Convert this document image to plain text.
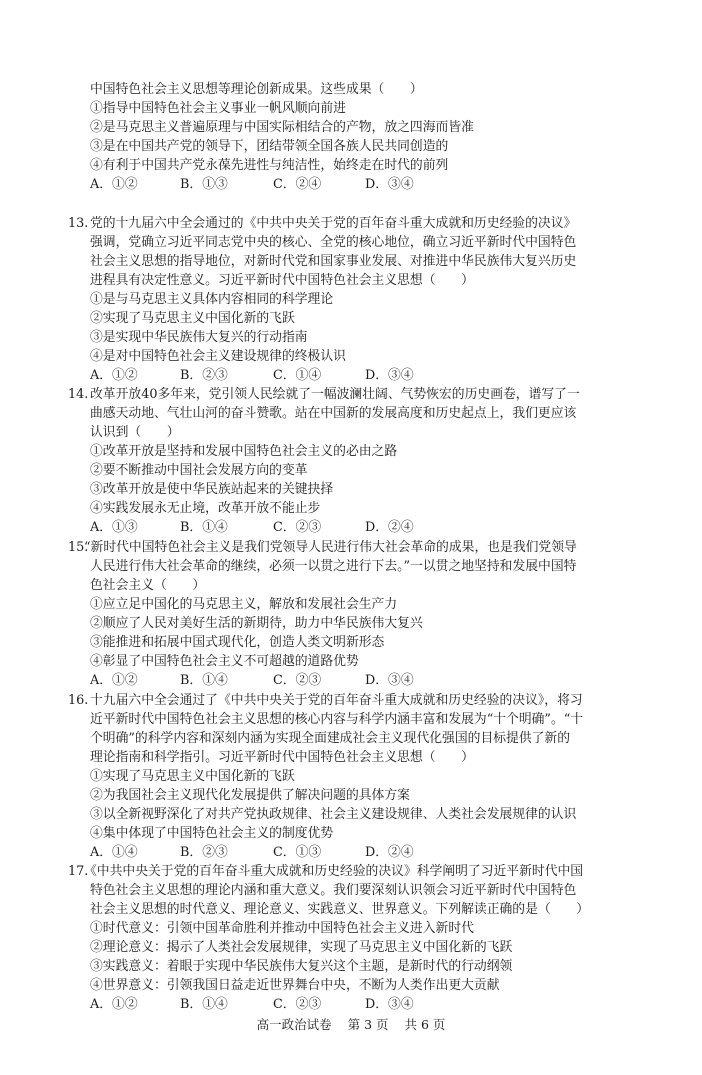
中国特色社会主义思想等理论创新成果。这些成果（　　）
①指导中国特色社会主义事业一帆风顺向前进
②是马克思主义普遍原理与中国实际相结合的产物，放之四海而皆准
③是在中国共产党的领导下，团结带领全国各族人民共同创造的
④有利于中国共产党永葆先进性与纯洁性，始终走在时代的前列
A．①②	B．①③	C．②④	D．③④
13. 党的十九届六中全会通过的《中共中央关于党的百年奋斗重大成就和历史经验的决议》
强调，党确立习近平同志党中央的核心、全党的核心地位，确立习近平新时代中国特色
社会主义思想的指导地位，对新时代党和国家事业发展、对推进中华民族伟大复兴历史
进程具有决定性意义。习近平新时代中国特色社会主义思想（　　）
①是与马克思主义具体内容相同的科学理论
②实现了马克思主义中国化新的飞跃
③是实现中华民族伟大复兴的行动指南
④是对中国特色社会主义建设规律的终极认识
A．①②	B．②③	C．①④	D．③④
14. 改革开放40多年来，党引领人民绘就了一幅波澜壮阔、气势恢宏的历史画卷，谱写了一
曲感天动地、气壮山河的奋斗赞歌。站在中国新的发展高度和历史起点上，我们更应该
认识到（　　）
①改革开放是坚持和发展中国特色社会主义的必由之路
②要不断推动中国社会发展方向的变革
③改革开放是使中华民族站起来的关键抉择
④实践发展永无止境，改革开放不能止步
A．①③	B．①④	C．②③	D．②④
15.
“新时代中国特色社会主义是我们党领导人民进行伟大社会革命的成果，也是我们党领导
人民进行伟大社会革命的继续，必须一以贯之进行下去。”一以贯之地坚持和发展中国特
色社会主义（　　）
①应立足中国化的马克思主义，解放和发展社会生产力
②顺应了人民对美好生活的新期待，助力中华民族伟大复兴
③能推进和拓展中国式现代化，创造人类文明新形态
④彰显了中国特色社会主义不可超越的道路优势
A．①②	B．①④	C．②③	D．③④
16. 十九届六中全会通过了《中共中央关于党的百年奋斗重大成就和历史经验的决议》，将习
近平新时代中国特色社会主义思想的核心内容与科学内涵丰富和发展为“十个明确”。“十
个明确”的科学内容和深刻内涵为实现全面建成社会主义现代化强国的目标提供了新的
理论指南和科学指引。习近平新时代中国特色社会主义思想（　　）
①实现了马克思主义中国化新的飞跃
②为我国社会主义现代化发展提供了解决问题的具体方案
③以全新视野深化了对共产党执政规律、社会主义建设规律、人类社会发展规律的认识
④集中体现了中国特色社会主义的制度优势
A．①④	B．②③	C．①③	D．②④
17.
《中共中央关于党的百年奋斗重大成就和历史经验的决议》科学阐明了习近平新时代中国
特色社会主义思想的理论内涵和重大意义。我们要深刻认识领会习近平新时代中国特色
社会主义思想的时代意义、理论意义、实践意义、世界意义。下列解读正确的是（　　）
①时代意义：引领中国革命胜利并推动中国特色社会主义进入新时代
②理论意义：揭示了人类社会发展规律，实现了马克思主义中国化新的飞跃
③实践意义：着眼于实现中华民族伟大复兴这个主题，是新时代的行动纲领
④世界意义：引领我国日益走近世界舞台中央，不断为人类作出更大贡献
A．①②	B．①④	C．②③	D．③④
高一政治试卷 第 3 页 共 6 页
